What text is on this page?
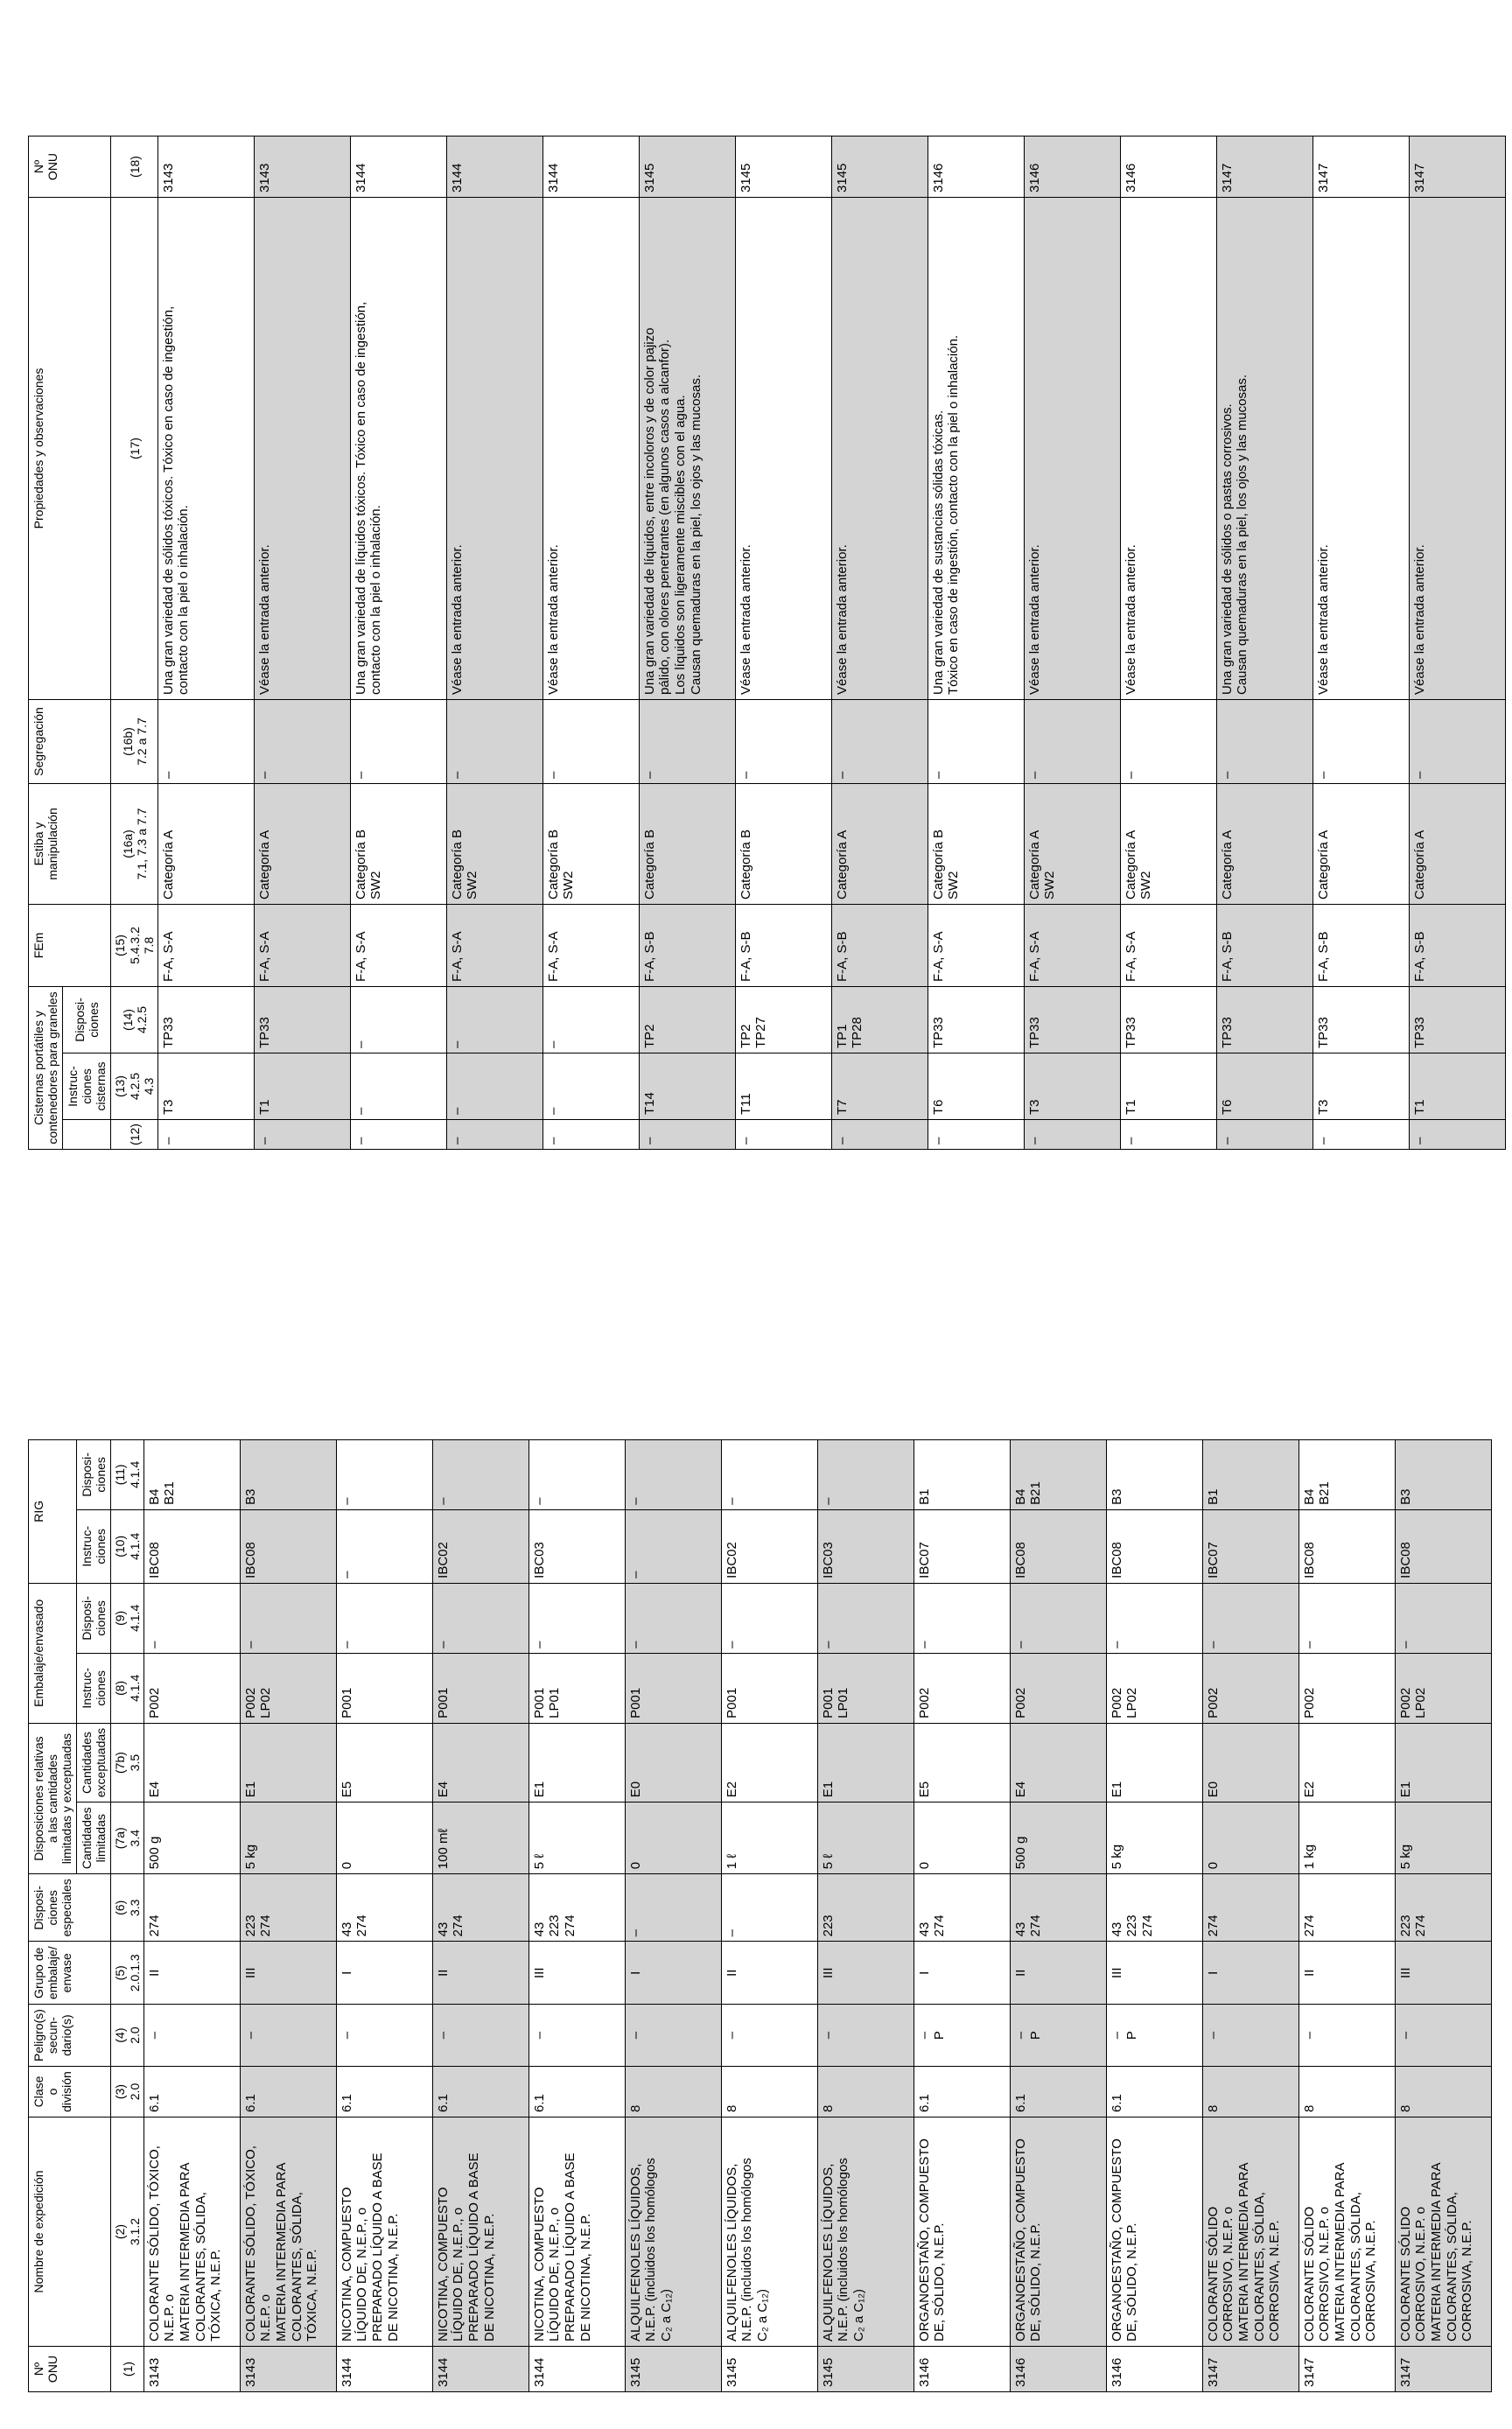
Nº
ONU	Nombre de expedición	Clase
o
división	Peligro(s)
secun-
dario(s)	Grupo de
embalaje/
envase	Disposi-
ciones
especiales	Disposiciones relativas
a las cantidades
limitadas y exceptuadas		Embalaje/envasado		RIG	
						Cantidades
limitadas	Cantidades
exceptuadas	Instruc-
ciones	Disposi-
ciones	Instruc-
ciones	Disposi-
ciones
(1)	(2)
3.1.2	(3)
2.0	(4)
2.0	(5)
2.0.1.3	(6)
3.3	(7a)
3.4	(7b)
3.5	(8)
4.1.4	(9)
4.1.4	(10)
4.1.4	(11)
4.1.4
3143	COLORANTE SÓLIDO, TÓXICO,
N.E.P. o
MATERIA INTERMEDIA PARA
COLORANTES, SÓLIDA,
TÓXICA, N.E.P.	6.1	–	II	274	500 g	E4	P002	–	IBC08	B4
B21
3143	COLORANTE SÓLIDO, TÓXICO,
N.E.P. o
MATERIA INTERMEDIA PARA
COLORANTES, SÓLIDA,
TÓXICA, N.E.P.	6.1	–	III	223
274	5 kg	E1	P002
LP02	–	IBC08	B3
3144	NICOTINA, COMPUESTO
LÍQUIDO DE, N.E.P., o
PREPARADO LÍQUIDO A BASE
DE NICOTINA, N.E.P.	6.1	–	I	43
274	0	E5	P001	–	–	–
3144	NICOTINA, COMPUESTO
LÍQUIDO DE, N.E.P., o
PREPARADO LÍQUIDO A BASE
DE NICOTINA, N.E.P.	6.1	–	II	43
274	100 mℓ	E4	P001	–	IBC02	–
3144	NICOTINA, COMPUESTO
LÍQUIDO DE, N.E.P., o
PREPARADO LÍQUIDO A BASE
DE NICOTINA, N.E.P.	6.1	–	III	43
223
274	5 ℓ	E1	P001
LP01	–	IBC03	–
3145	ALQUILFENOLES LÍQUIDOS,
N.E.P. (incluidos los homólogos
C₂ a C₁₂)	8	–	I	–	0	E0	P001	–	–	–
3145	ALQUILFENOLES LÍQUIDOS,
N.E.P. (incluidos los homólogos
C₂ a C₁₂)	8	–	II	–	1 ℓ	E2	P001	–	IBC02	–
3145	ALQUILFENOLES LÍQUIDOS,
N.E.P. (incluidos los homólogos
C₂ a C₁₂)	8	–	III	223	5 ℓ	E1	P001
LP01	–	IBC03	–
3146	ORGANOESTAÑO, COMPUESTO
DE, SÓLIDO, N.E.P.	6.1	–
P	I	43
274	0	E5	P002	–	IBC07	B1
3146	ORGANOESTAÑO, COMPUESTO
DE, SÓLIDO, N.E.P.	6.1	–
P	II	43
274	500 g	E4	P002	–	IBC08	B4
B21
3146	ORGANOESTAÑO, COMPUESTO
DE, SÓLIDO, N.E.P.	6.1	–
P	III	43
223
274	5 kg	E1	P002
LP02	–	IBC08	B3
3147	COLORANTE SÓLIDO
CORROSIVO, N.E.P. o
MATERIA INTERMEDIA PARA
COLORANTES, SÓLIDA,
CORROSIVA, N.E.P.	8	–	I	274	0	E0	P002	–	IBC07	B1
3147	COLORANTE SÓLIDO
CORROSIVO, N.E.P. o
MATERIA INTERMEDIA PARA
COLORANTES, SÓLIDA,
CORROSIVA, N.E.P.	8	–	II	274	1 kg	E2	P002	–	IBC08	B4
B21
3147	COLORANTE SÓLIDO
CORROSIVO, N.E.P. o
MATERIA INTERMEDIA PARA
COLORANTES, SÓLIDA,
CORROSIVA, N.E.P.	8	–	III	223
274	5 kg	E1	P002
LP02	–	IBC08	B3
Cisternas portátiles y
contenedores para graneles			FEm	Estiba y
manipulación	Segregación	Propiedades y observaciones	Nº
ONU
	Instruc-
ciones
cisternas	Disposi-
ciones					
(12)	(13)
4.2.5
4.3	(14)
4.2.5	(15)
5.4.3.2
7.8	(16a)
7.1, 7.3 a 7.7	(16b)
7.2 a 7.7	(17)	(18)
–	T3	TP33	F-A, S-A	Categoría A	–	Una gran variedad de sólidos tóxicos. Tóxico en caso de ingestión,
contacto con la piel o inhalación.	3143
–	T1	TP33	F-A, S-A	Categoría A	–	Véase la entrada anterior.	3143
–	–	–	F-A, S-A	Categoría B
SW2	–	Una gran variedad de líquidos tóxicos. Tóxico en caso de ingestión,
contacto con la piel o inhalación.	3144
–	–	–	F-A, S-A	Categoría B
SW2	–	Véase la entrada anterior.	3144
–	–	–	F-A, S-A	Categoría B
SW2	–	Véase la entrada anterior.	3144
–	T14	TP2	F-A, S-B	Categoría B	–	Una gran variedad de líquidos, entre incoloros y de color pajizo
pálido, con olores penetrantes (en algunos casos a alcanfor).
Los líquidos son ligeramente miscibles con el agua.
Causan quemaduras en la piel, los ojos y las mucosas.	3145
–	T11	TP2
TP27	F-A, S-B	Categoría B	–	Véase la entrada anterior.	3145
–	T7	TP1
TP28	F-A, S-B	Categoría A	–	Véase la entrada anterior.	3145
–	T6	TP33	F-A, S-A	Categoría B
SW2	–	Una gran variedad de sustancias sólidas tóxicas.
Tóxico en caso de ingestión, contacto con la piel o inhalación.	3146
–	T3	TP33	F-A, S-A	Categoría A
SW2	–	Véase la entrada anterior.	3146
–	T1	TP33	F-A, S-A	Categoría A
SW2	–	Véase la entrada anterior.	3146
–	T6	TP33	F-A, S-B	Categoría A	–	Una gran variedad de sólidos o pastas corrosivos.
Causan quemaduras en la piel, los ojos y las mucosas.	3147
–	T3	TP33	F-A, S-B	Categoría A	–	Véase la entrada anterior.	3147
–	T1	TP33	F-A, S-B	Categoría A	–	Véase la entrada anterior.	3147
